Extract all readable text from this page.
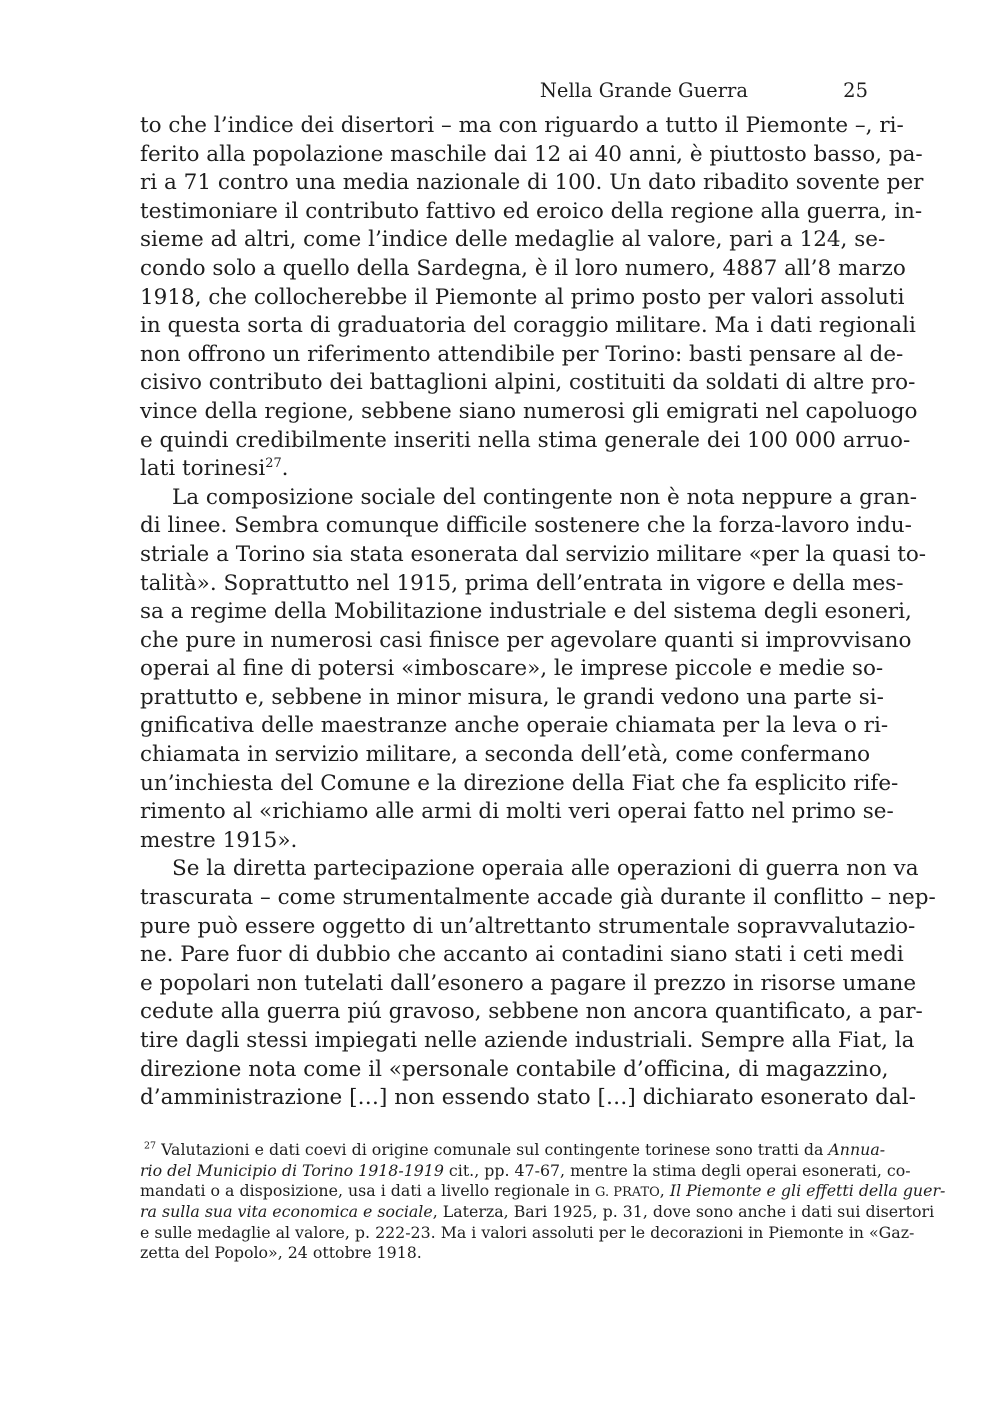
Nella Grande Guerra	25
to che l’indice dei disertori – ma con riguardo a tutto il Piemonte –, ri-
ferito alla popolazione maschile dai 12 ai 40 anni, è piuttosto basso, pa-
ri a 71 contro una media nazionale di 100. Un dato ribadito sovente per
testimoniare il contributo fattivo ed eroico della regione alla guerra, in-
sieme ad altri, come l’indice delle medaglie al valore, pari a 124, se-
condo solo a quello della Sardegna, è il loro numero, 4887 all’8 marzo
1918, che collocherebbe il Piemonte al primo posto per valori assoluti
in questa sorta di graduatoria del coraggio militare. Ma i dati regionali
non offrono un riferimento attendibile per Torino: basti pensare al de-
cisivo contributo dei battaglioni alpini, costituiti da soldati di altre pro-
vince della regione, sebbene siano numerosi gli emigrati nel capoluogo
e quindi credibilmente inseriti nella stima generale dei 100 000 arruo-
lati torinesi$^{27}$.
La composizione sociale del contingente non è nota neppure a gran-
di linee. Sembra comunque difficile sostenere che la forza-lavoro indu-
striale a Torino sia stata esonerata dal servizio militare «per la quasi to-
talità». Soprattutto nel 1915, prima dell’entrata in vigore e della mes-
sa a regime della Mobilitazione industriale e del sistema degli esoneri,
che pure in numerosi casi finisce per agevolare quanti si improvvisano
operai al fine di potersi «imboscare», le imprese piccole e medie so-
prattutto e, sebbene in minor misura, le grandi vedono una parte si-
gnificativa delle maestranze anche operaie chiamata per la leva o ri-
chiamata in servizio militare, a seconda dell’età, come confermano
un’inchiesta del Comune e la direzione della Fiat che fa esplicito rife-
rimento al «richiamo alle armi di molti veri operai fatto nel primo se-
mestre 1915».
Se la diretta partecipazione operaia alle operazioni di guerra non va
trascurata – come strumentalmente accade già durante il conflitto – nep-
pure può essere oggetto di un’altrettanto strumentale sopravvalutazio-
ne. Pare fuor di dubbio che accanto ai contadini siano stati i ceti medi
e popolari non tutelati dall’esonero a pagare il prezzo in risorse umane
cedute alla guerra piú gravoso, sebbene non ancora quantificato, a par-
tire dagli stessi impiegati nelle aziende industriali. Sempre alla Fiat, la
direzione nota come il «personale contabile d’officina, di magazzino,
d’amministrazione […] non essendo stato […] dichiarato esonerato dal-
$^{27}$ Valutazioni e dati coevi di origine comunale sul contingente torinese sono tratti da Annua-
rio del Municipio di Torino 1918-1919 cit., pp. 47-67, mentre la stima degli operai esonerati, co-
mandati o a disposizione, usa i dati a livello regionale in G. PRATO, Il Piemonte e gli effetti della guer-
ra sulla sua vita economica e sociale, Laterza, Bari 1925, p. 31, dove sono anche i dati sui disertori
e sulle medaglie al valore, p. 222-23. Ma i valori assoluti per le decorazioni in Piemonte in «Gaz-
zetta del Popolo», 24 ottobre 1918.
